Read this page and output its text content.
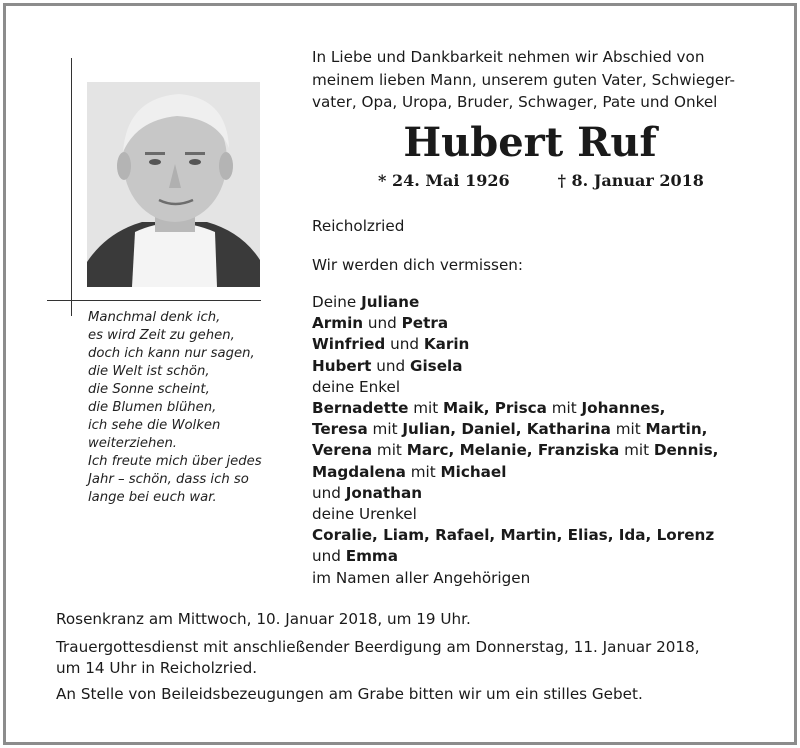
Manchmal denk ich,
es wird Zeit zu gehen,
doch ich kann nur sagen,
die Welt ist schön,
die Sonne scheint,
die Blumen blühen,
ich sehe die Wolken
weiterziehen.
Ich freute mich über jedes
Jahr – schön, dass ich so
lange bei euch war.
In Liebe und Dankbarkeit nehmen wir Abschied von
meinem lieben Mann, unserem guten Vater, Schwieger-
vater, Opa, Uropa, Bruder, Schwager, Pate und Onkel
Hubert Ruf
* 24. Mai 1926	† 8. Januar 2018
Reicholzried
Wir werden dich vermissen:
Deine Juliane
Armin und Petra
Winfried und Karin
Hubert und Gisela
deine Enkel
Bernadette mit Maik, Prisca mit Johannes,
Teresa mit Julian, Daniel, Katharina mit Martin,
Verena mit Marc, Melanie, Franziska mit Dennis,
Magdalena mit Michael
und Jonathan
deine Urenkel
Coralie, Liam, Rafael, Martin, Elias, Ida, Lorenz
und Emma
im Namen aller Angehörigen
Rosenkranz am Mittwoch, 10. Januar 2018, um 19 Uhr.
Trauergottesdienst mit anschließender Beerdigung am Donnerstag, 11. Januar 2018,
um 14 Uhr in Reicholzried.
An Stelle von Beileidsbezeugungen am Grabe bitten wir um ein stilles Gebet.
